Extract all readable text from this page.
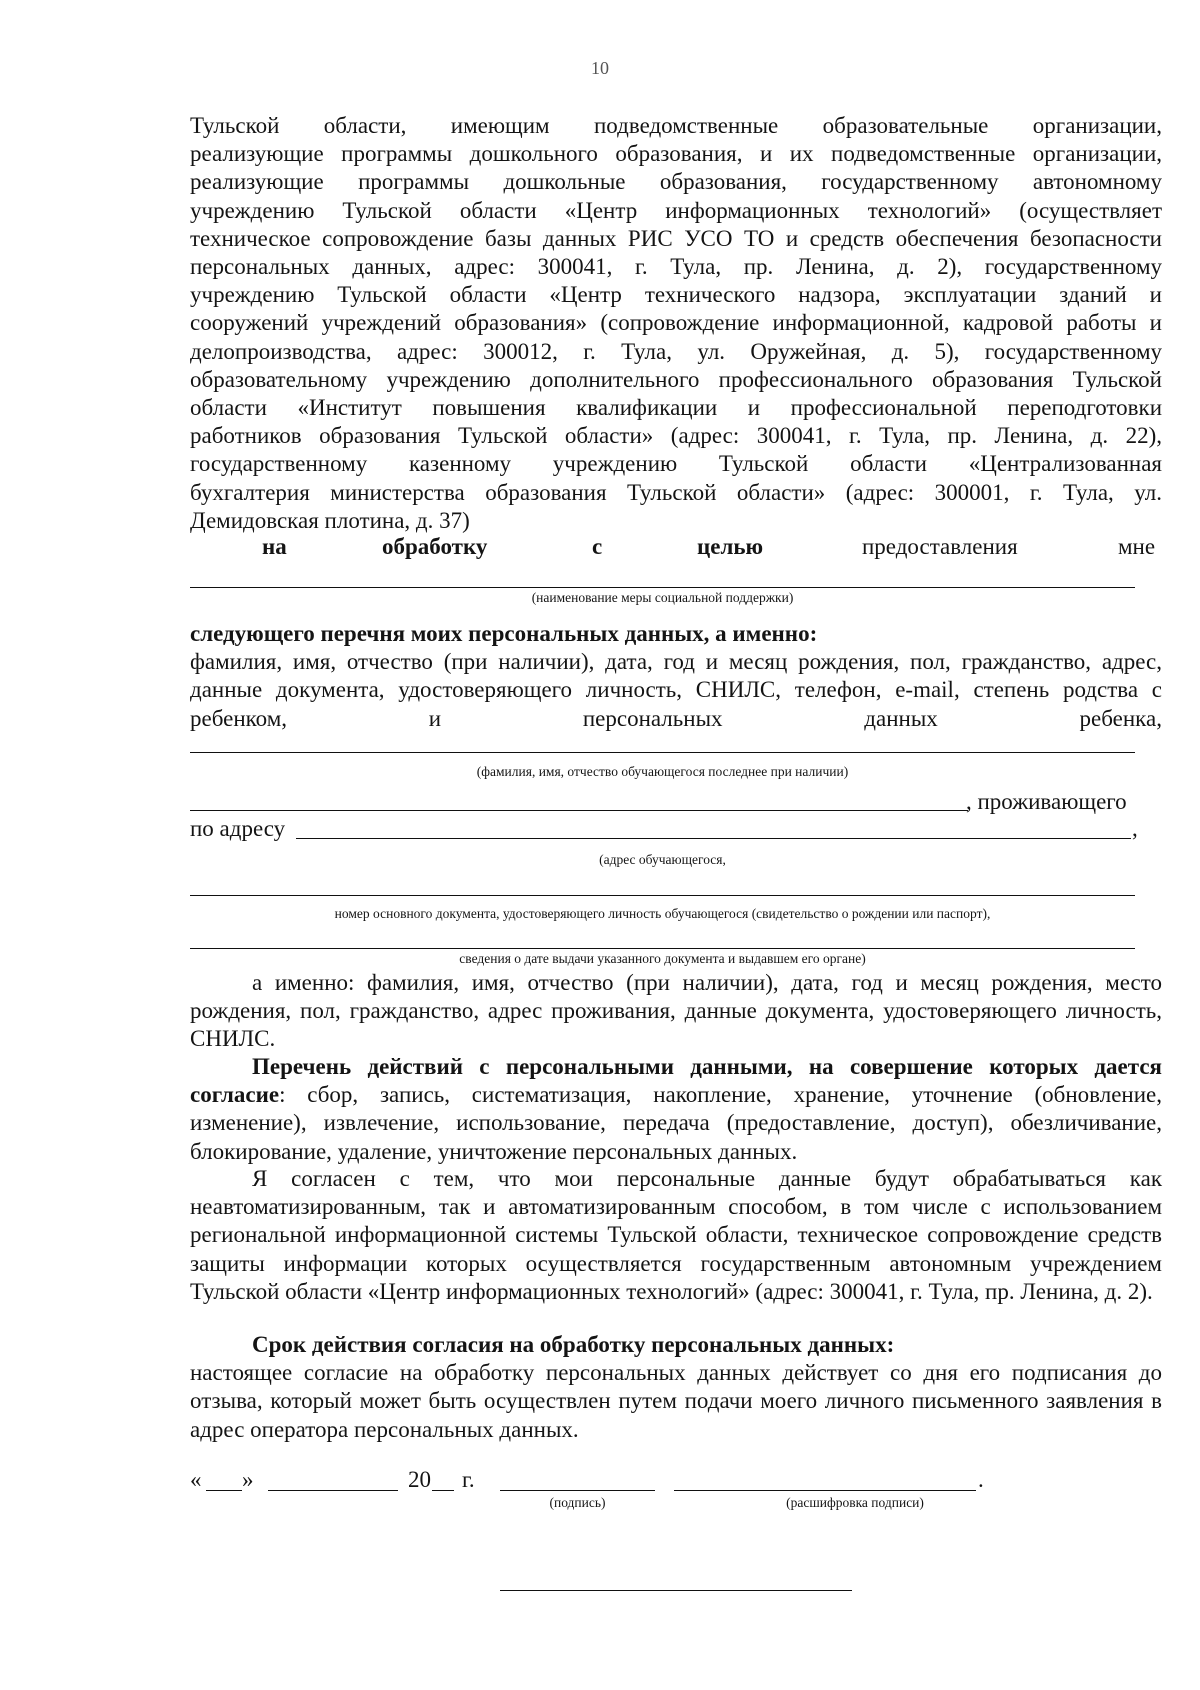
10
Тульской области, имеющим подведомственные образовательные организации,
реализующие программы дошкольного образования, и их подведомственные организации,
реализующие программы дошкольные образования, государственному автономному
учреждению Тульской области «Центр информационных технологий» (осуществляет
техническое сопровождение базы данных РИС УСО ТО и средств обеспечения безопасности
персональных данных, адрес: 300041, г. Тула, пр. Ленина, д. 2), государственному
учреждению Тульской области «Центр технического надзора, эксплуатации зданий и
сооружений учреждений образования» (сопровождение информационной, кадровой работы и
делопроизводства, адрес: 300012, г. Тула, ул. Оружейная, д. 5), государственному
образовательному учреждению дополнительного профессионального образования Тульской
области «Институт повышения квалификации и профессиональной переподготовки
работников образования Тульской области» (адрес: 300041, г. Тула, пр. Ленина, д. 22),
государственному казенному учреждению Тульской области «Централизованная
бухгалтерия министерства образования Тульской области» (адрес: 300001, г. Тула, ул.
Демидовская плотина, д. 37)
на	обработку	с	целью	предоставления	мне
(наименование меры социальной поддержки)
следующего перечня моих персональных данных, а именно:
фамилия, имя, отчество (при наличии), дата, год и месяц рождения, пол, гражданство, адрес,
данные документа, удостоверяющего личность, СНИЛС, телефон, e-mail, степень родства с
ребенком,	и	персональных	данных	ребенка,
(фамилия, имя, отчество обучающегося последнее при наличии)
, проживающего
по адресу	,
(адрес обучающегося,
номер основного документа, удостоверяющего личность обучающегося (свидетельство о рождении или паспорт),
сведения о дате выдачи указанного документа и выдавшем его органе)

а именно: фамилия, имя, отчество (при наличии), дата, год и месяц рождения, место рождения, пол, гражданство, адрес проживания, данные документа, удостоверяющего личность, СНИЛС.

Перечень действий с персональными данными, на совершение которых дается согласие: сбор, запись, систематизация, накопление, хранение, уточнение (обновление, изменение), извлечение, использование, передача (предоставление, доступ), обезличивание, блокирование, удаление, уничтожение персональных данных.

Я согласен с тем, что мои персональные данные будут обрабатываться как неавтоматизированным, так и автоматизированным способом, в том числе с использованием региональной информационной системы Тульской области, техническое сопровождение средств защиты информации которых осуществляется государственным автономным учреждением Тульской области «Центр информационных технологий» (адрес: 300041, г. Тула, пр. Ленина, д. 2).

Срок действия согласия на обработку персональных данных:

настоящее согласие на обработку персональных данных действует со дня его подписания до отзыва, который может быть осуществлен путем подачи моего личного письменного заявления в адрес оператора персональных данных.

« »	20 г.	.
(подпись)	(расшифровка подписи)
